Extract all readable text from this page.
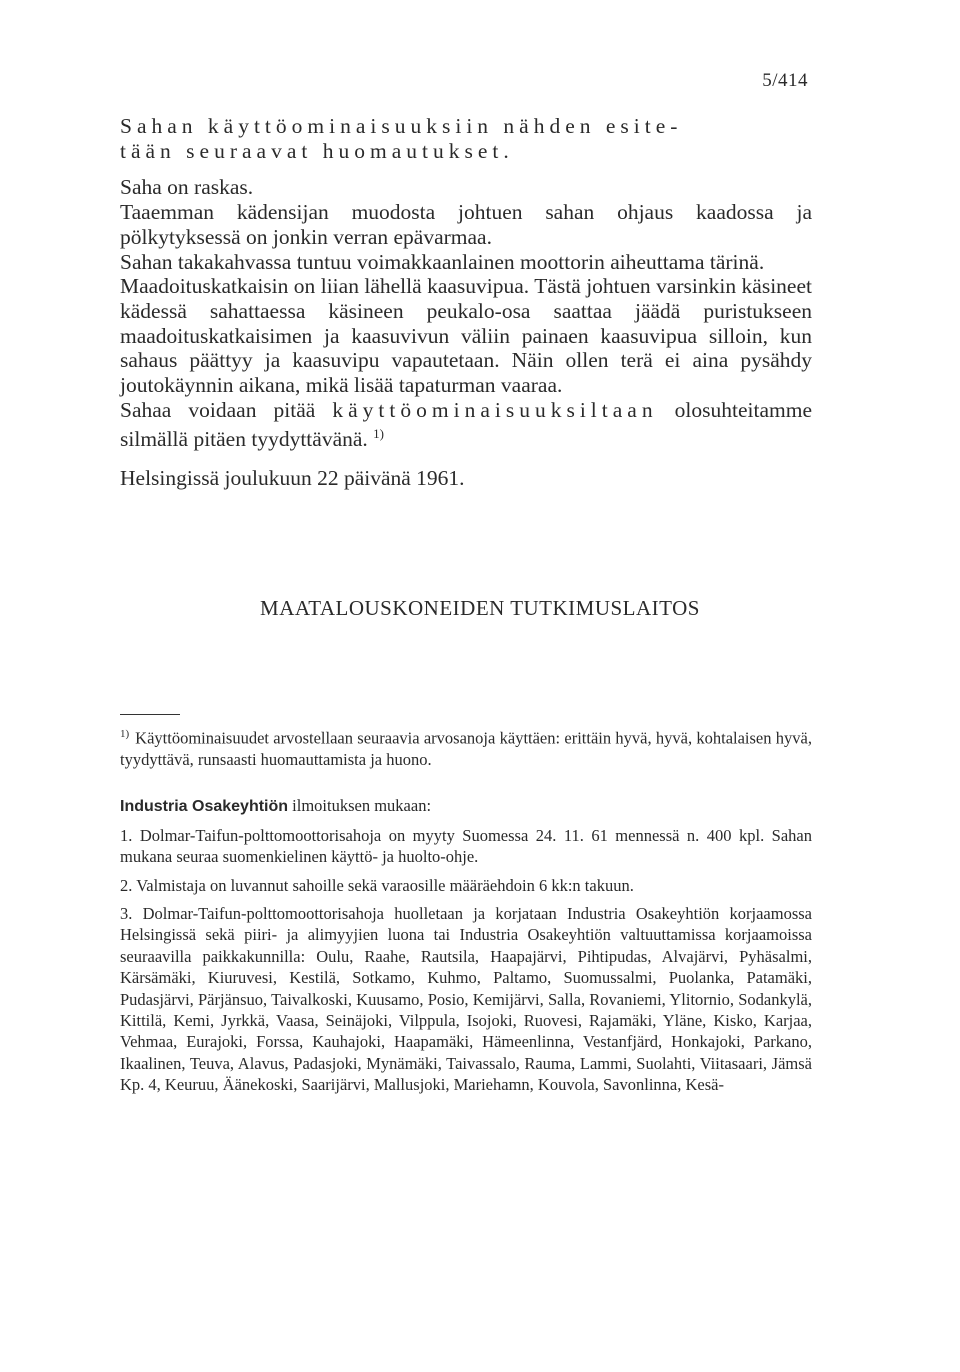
5/414

Sahan käyttöominaisuuksiin nähden esite-
tään seuraavat huomautukset.

Saha on raskas.

Taaemman kädensijan muodosta johtuen sahan ohjaus kaadossa ja pölkytyksessä on jonkin verran epävarmaa.

Sahan takakahvassa tuntuu voimakkaanlainen moottorin aiheuttama tärinä.

Maadoituskatkaisin on liian lähellä kaasuvipua. Tästä johtuen varsinkin käsineet kädessä sahattaessa käsineen peukalo-osa saattaa jäädä puristukseen maadoituskatkaisimen ja kaasuvivun väliin painaen kaasuvipua silloin, kun sahaus päättyy ja kaasuvipu vapautetaan. Näin ollen terä ei aina pysähdy joutokäynnin aikana, mikä lisää tapaturman vaaraa.

Sahaa voidaan pitää käyttöominaisuuksiltaan olosuhteitamme silmällä pitäen tyydyttävänä. $^{1)}$

Helsingissä joulukuun 22 päivänä 1961.

MAATALOUSKONEIDEN TUTKIMUSLAITOS

$^{1)}$ Käyttöominaisuudet arvostellaan seuraavia arvosanoja käyttäen: erittäin hyvä, hyvä, kohtalaisen hyvä, tyydyttävä, runsaasti huomauttamista ja huono.

Industria Osakeyhtiön ilmoituksen mukaan:

1. Dolmar-Taifun-polttomoottorisahoja on myyty Suomessa 24. 11. 61 mennessä n. 400 kpl. Sahan mukana seuraa suomenkielinen käyttö- ja huolto-ohje.

2. Valmistaja on luvannut sahoille sekä varaosille määräehdoin 6 kk:n takuun.

3. Dolmar-Taifun-polttomoottorisahoja huolletaan ja korjataan Industria Osakeyhtiön korjaamossa Helsingissä sekä piiri- ja alimyyjien luona tai Industria Osakeyhtiön valtuuttamissa korjaamoissa seuraavilla paikkakunnilla: Oulu, Raahe, Rautsila, Haapajärvi, Pihtipudas, Alvajärvi, Pyhäsalmi, Kärsämäki, Kiuruvesi, Kestilä, Sotkamo, Kuhmo, Paltamo, Suomussalmi, Puolanka, Patamäki, Pudasjärvi, Pärjänsuo, Taivalkoski, Kuusamo, Posio, Kemijärvi, Salla, Rovaniemi, Ylitornio, Sodankylä, Kittilä, Kemi, Jyrkkä, Vaasa, Seinäjoki, Vilppula, Isojoki, Ruovesi, Rajamäki, Yläne, Kisko, Karjaa, Vehmaa, Eurajoki, Forssa, Kauhajoki, Haapamäki, Hämeenlinna, Vestanfjärd, Honkajoki, Parkano, Ikaalinen, Teuva, Alavus, Padasjoki, Mynämäki, Taivassalo, Rauma, Lammi, Suolahti, Viitasaari, Jämsä Kp. 4, Keuruu, Äänekoski, Saarijärvi, Mallusjoki, Mariehamn, Kouvola, Savonlinna, Kesä-
